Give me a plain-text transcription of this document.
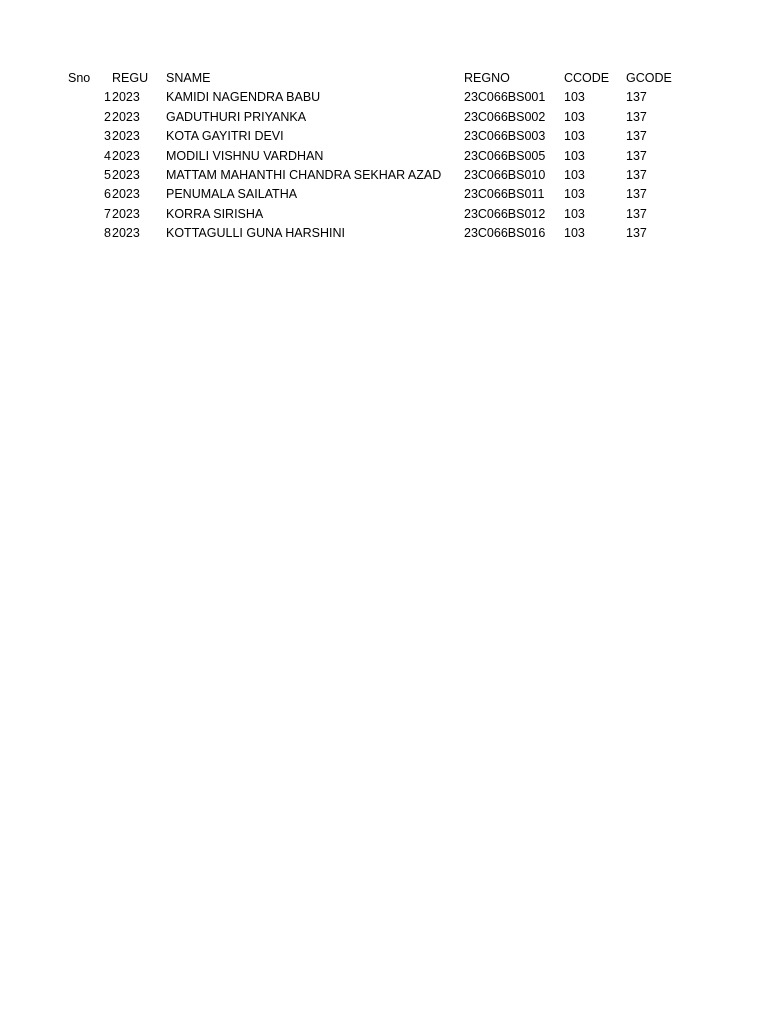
Sno REGU SNAME	REGNO	CCODE GCODE
1 2023 KAMIDI NAGENDRA BABU	23C066BS001 103	137
2 2023 GADUTHURI PRIYANKA	23C066BS002 103	137
3 2023 KOTA GAYITRI DEVI	23C066BS003 103	137
4 2023 MODILI VISHNU VARDHAN	23C066BS005 103	137
5 2023 MATTAM MAHANTHI CHANDRA SEKHAR AZAD 23C066BS010 103	137
6 2023 PENUMALA SAILATHA	23C066BS011 103	137
7 2023 KORRA SIRISHA	23C066BS012 103	137
8 2023 KOTTAGULLI GUNA HARSHINI	23C066BS016 103	137
